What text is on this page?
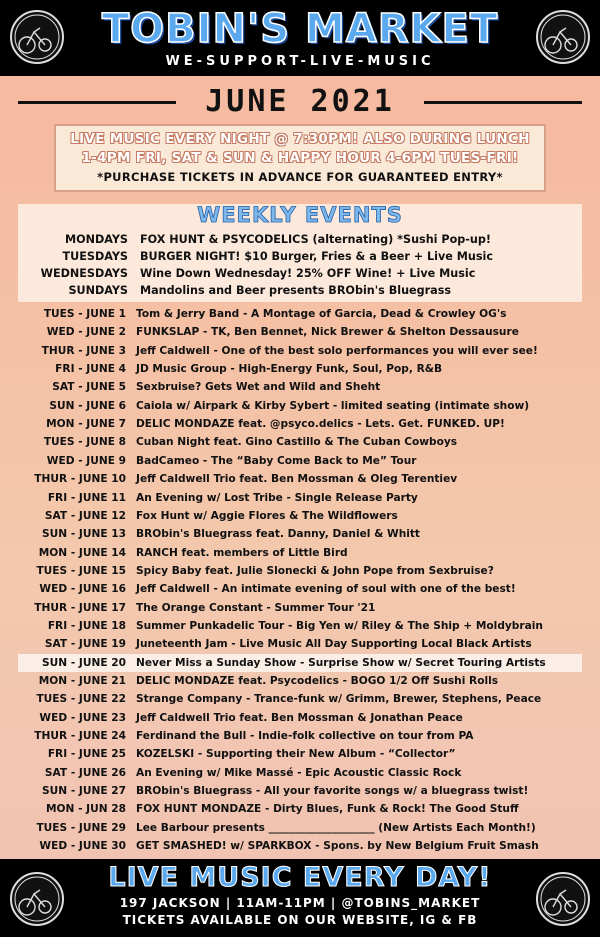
TOBIN'S MARKET
WE-SUPPORT-LIVE-MUSIC
JUNE 2021
LIVE MUSIC EVERY NIGHT @ 7:30PM! ALSO DURING LUNCH
1-4PM FRI, SAT & SUN & HAPPY HOUR 4-6PM TUES-FRI!
*PURCHASE TICKETS IN ADVANCE FOR GUARANTEED ENTRY*
WEEKLY EVENTS
MONDAYS FOX HUNT & PSYCODELICS (alternating) *Sushi Pop-up!
TUESDAYS BURGER NIGHT! $10 Burger, Fries & a Beer + Live Music
WEDNESDAYS Wine Down Wednesday! 25% OFF Wine! + Live Music
SUNDAYS Mandolins and Beer presents BRObin's Bluegrass
TUES - JUNE 1 Tom & Jerry Band - A Montage of Garcia, Dead & Crowley OG's
WED - JUNE 2 FUNKSLAP - TK, Ben Bennet, Nick Brewer & Shelton Dessausure
THUR - JUNE 3 Jeff Caldwell - One of the best solo performances you will ever see!
FRI - JUNE 4 JD Music Group - High-Energy Funk, Soul, Pop, R&B
SAT - JUNE 5 Sexbruise? Gets Wet and Wild and Sheht
SUN - JUNE 6 Caiola w/ Airpark & Kirby Sybert - limited seating (intimate show)
MON - JUNE 7 DELIC MONDAZE feat. @psyco.delics - Lets. Get. FUNKED. UP!
TUES - JUNE 8 Cuban Night feat. Gino Castillo & The Cuban Cowboys
WED - JUNE 9 BadCameo - The “Baby Come Back to Me” Tour
THUR - JUNE 10 Jeff Caldwell Trio feat. Ben Mossman & Oleg Terentiev
FRI - JUNE 11 An Evening w/ Lost Tribe - Single Release Party
SAT - JUNE 12 Fox Hunt w/ Aggie Flores & The Wildflowers
SUN - JUNE 13 BRObin's Bluegrass feat. Danny, Daniel & Whitt
MON - JUNE 14 RANCH feat. members of Little Bird
TUES - JUNE 15 Spicy Baby feat. Julie Slonecki & John Pope from Sexbruise?
WED - JUNE 16 Jeff Caldwell - An intimate evening of soul with one of the best!
THUR - JUNE 17 The Orange Constant - Summer Tour '21
FRI - JUNE 18 Summer Punkadelic Tour - Big Yen w/ Riley & The Ship + Moldybrain
SAT - JUNE 19 Juneteenth Jam - Live Music All Day Supporting Local Black Artists
SUN - JUNE 20 Never Miss a Sunday Show - Surprise Show w/ Secret Touring Artists
MON - JUNE 21 DELIC MONDAZE feat. Psycodelics - BOGO 1/2 Off Sushi Rolls
TUES - JUNE 22 Strange Company - Trance-funk w/ Grimm, Brewer, Stephens, Peace
WED - JUNE 23 Jeff Caldwell Trio feat. Ben Mossman & Jonathan Peace
THUR - JUNE 24 Ferdinand the Bull - Indie-folk collective on tour from PA
FRI - JUNE 25 KOZELSKI - Supporting their New Album - “Collector”
SAT - JUNE 26 An Evening w/ Mike Massé - Epic Acoustic Classic Rock
SUN - JUNE 27 BRObin's Bluegrass - All your favorite songs w/ a bluegrass twist!
MON - JUN 28 FOX HUNT MONDAZE - Dirty Blues, Funk & Rock! The Good Stuff
TUES - JUNE 29 Lee Barbour presents ____________________ (New Artists Each Month!)
WED - JUNE 30 GET SMASHED! w/ SPARKBOX - Spons. by New Belgium Fruit Smash
LIVE MUSIC EVERY DAY!
197 JACKSON | 11AM-11PM | @TOBINS_MARKET
TICKETS AVAILABLE ON OUR WEBSITE, IG & FB
